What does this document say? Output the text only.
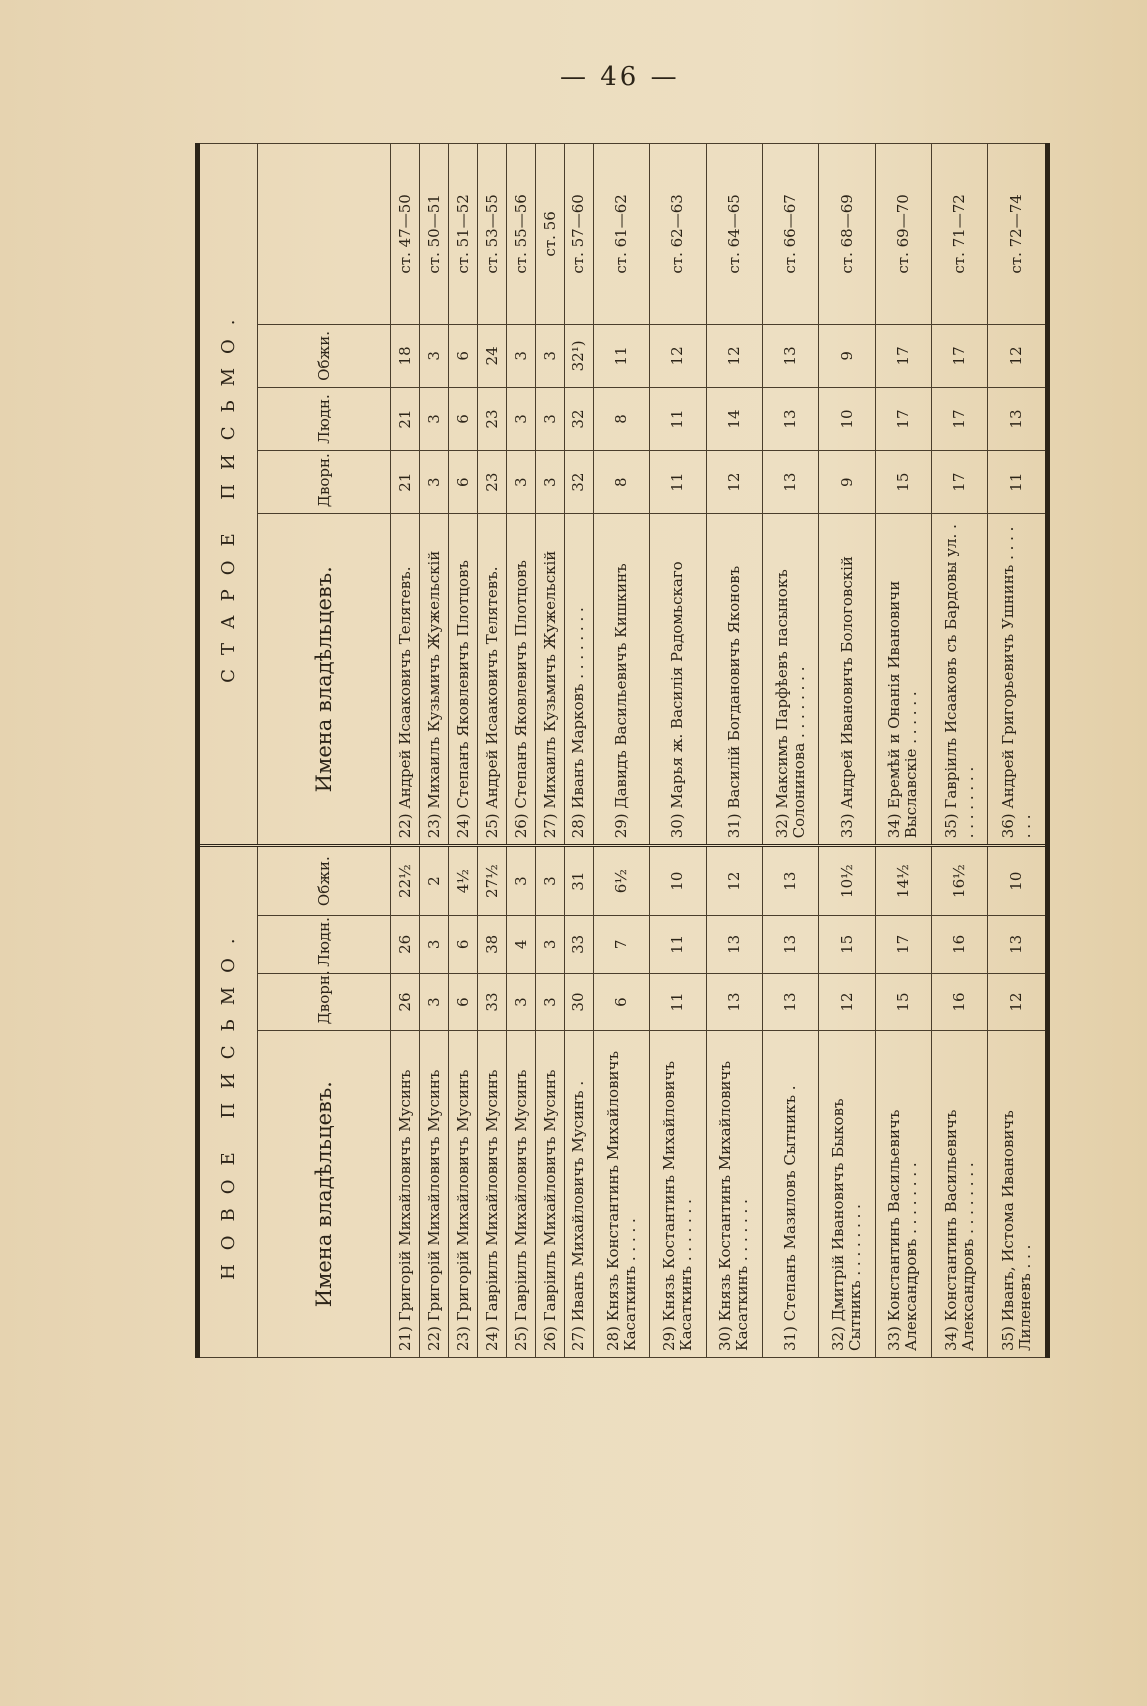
— 46 —
НОВОЕ ПИСЬМО.				СТАРОЕ ПИСЬМО.				
Имена владѣльцевъ.	Дворн.	Людн.	Обжи.	Имена владѣльцевъ.	Дворн.	Людн.	Обжи.	
21) Григорій Михайловичъ Мусинъ	26	26	22½	22) Андрей Исааковичъ Телятевъ.	21	21	18	ст. 47—50
22) Григорій Михайловичъ Мусинъ	3	3	2	23) Михаилъ Кузьмичъ Жужельскій	3	3	3	ст. 50—51
23) Григорій Михайловичъ Мусинъ	6	6	4½	24) Степанъ Яковлевичъ Плотцовъ	6	6	6	ст. 51—52
24) Гавріилъ Михайловичъ Мусинъ	33	38	27½	25) Андрей Исааковичъ Телятевъ.	23	23	24	ст. 53—55
25) Гавріилъ Михайловичъ Мусинъ	3	4	3	26) Степанъ Яковлевичъ Плотцовъ	3	3	3	ст. 55—56
26) Гавріилъ Михайловичъ Мусинъ	3	3	3	27) Михаилъ Кузьмичъ Жужельскій	3	3	3	ст. 56
27) Иванъ Михайловичъ Мусинъ .	30	33	31	28) Иванъ Марковъ . . . . . . . .	32	32	32¹)	ст. 57—60
28) Князь Константинъ Михайловичъ Касаткинъ . . . . .	6	7	6½	29) Давидъ Васильевичъ Кишкинъ	8	8	11	ст. 61—62
29) Князь Костантинъ Михайловичъ Касаткинъ . . . . . . .	11	11	10	30) Марья ж. Василія Радомьскаго	11	11	12	ст. 62—63
30) Князь Костантинъ Михайловичъ Касаткинъ . . . . . . .	13	13	12	31) Василій Богдановичъ Яконовъ	12	14	12	ст. 64—65
31) Степанъ Мазиловъ Сытникъ .	13	13	13	32) Максимъ Парфѣевъ пасынокъ Солонинова . . . . . . . .	13	13	13	ст. 66—67
32) Дмитрій Ивановичъ Быковъ Сытникъ . . . . . . . .	12	15	10½	33) Андрей Ивановичъ Бологовскій	9	10	9	ст. 68—69
33) Константинъ Васильевичъ Александровъ . . . . . . . .	15	17	14½	34) Еремѣй и Онанія Ивановичи Выславскіе . . . . . .	15	17	17	ст. 69—70
34) Константинъ Васильевичъ Александровъ . . . . . . . .	16	16	16½	35) Гавріилъ Исааковъ съ Бардовы ул. . . . . . . . . .	17	17	17	ст. 71—72
35) Иванъ, Истома Ивановичъ Лиленевъ . . .	12	13	10	36) Андрей Григорьевичъ Ушнинъ . . . . . . .	11	13	12	ст. 72—74
